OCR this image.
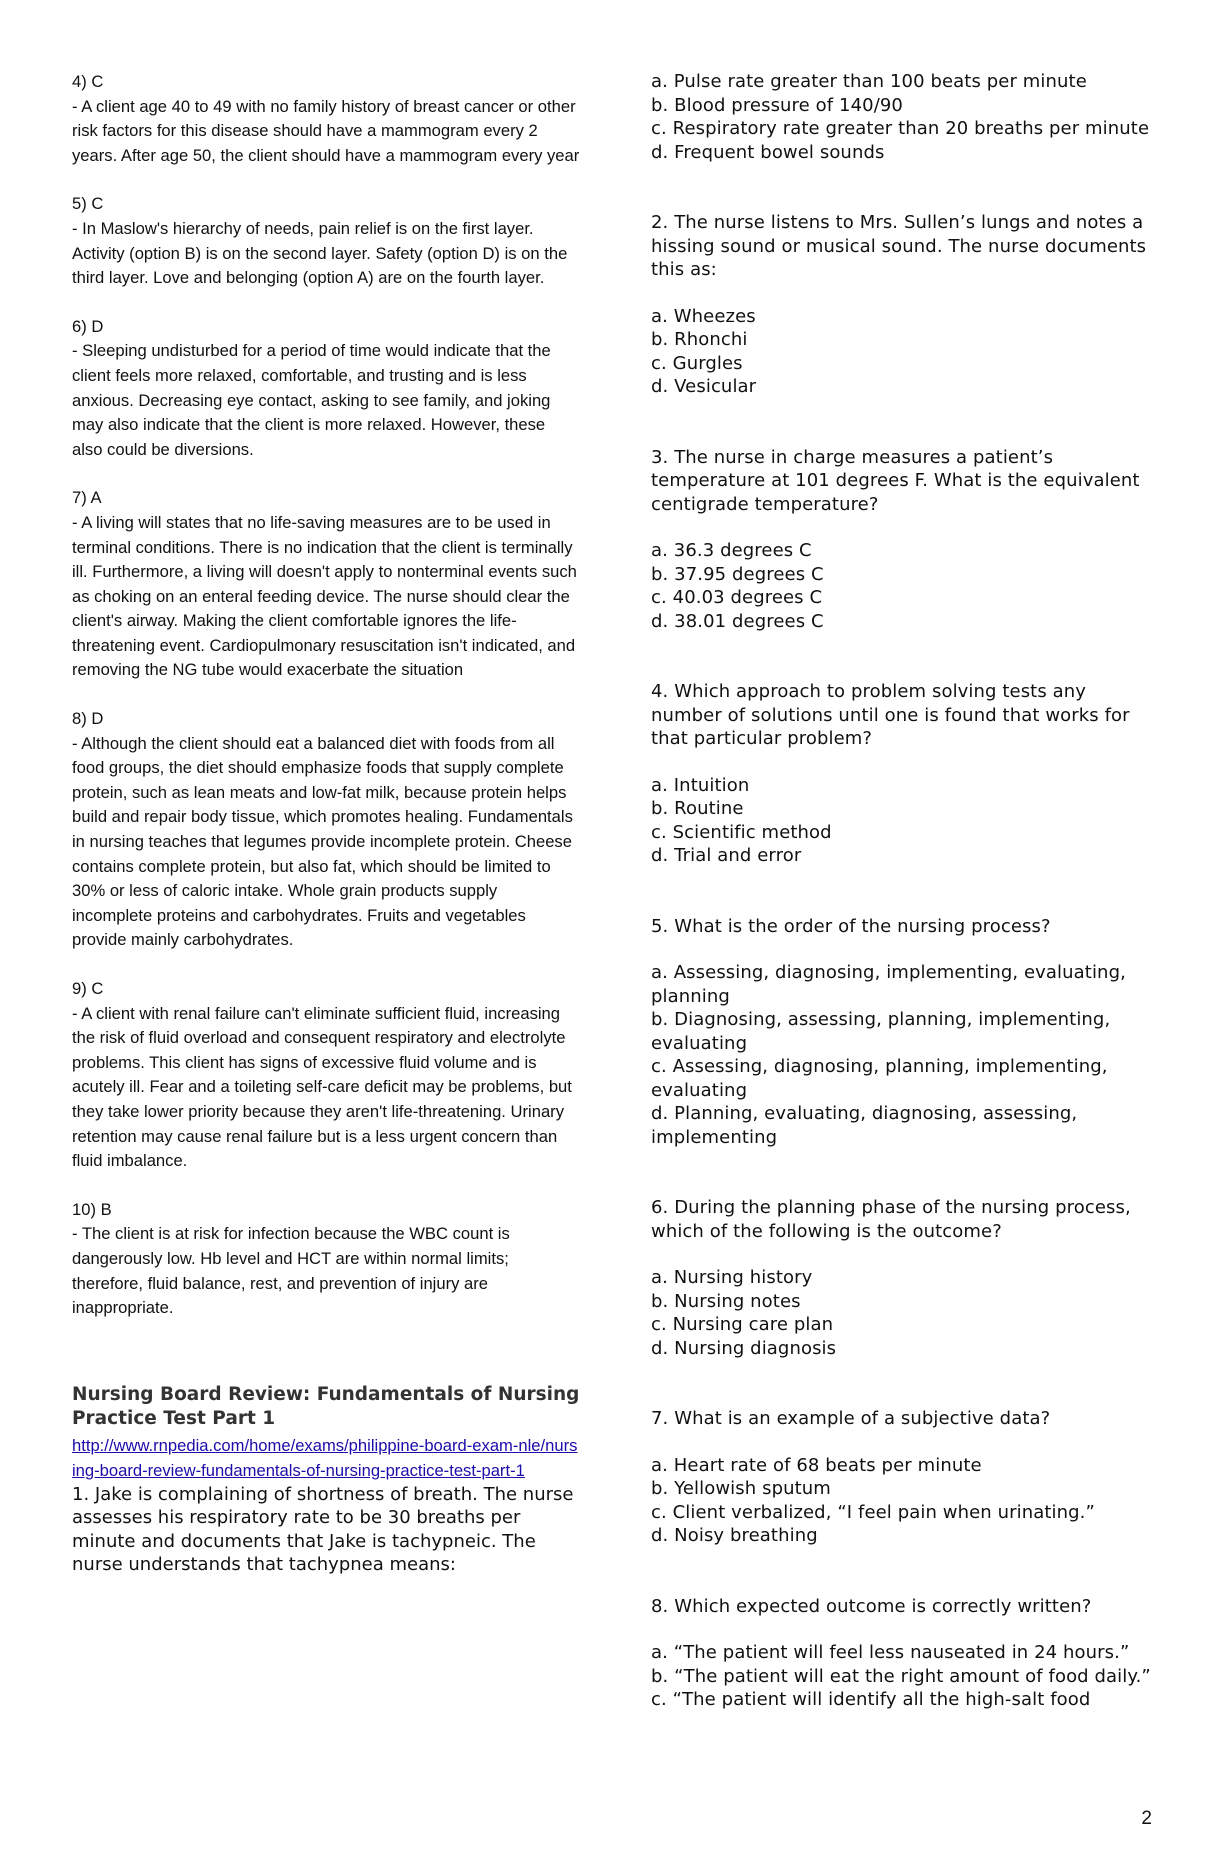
4) C

- A client age 40 to 49 with no family history of breast cancer or other risk factors for this disease should have a mammogram every 2 years. After age 50, the client should have a mammogram every year

5) C

- In Maslow's hierarchy of needs, pain relief is on the first layer. Activity (option B) is on the second layer. Safety (option D) is on the third layer. Love and belonging (option A) are on the fourth layer.

6) D

- Sleeping undisturbed for a period of time would indicate that the client feels more relaxed, comfortable, and trusting and is less anxious. Decreasing eye contact, asking to see family, and joking may also indicate that the client is more relaxed. However, these also could be diversions.

7) A

- A living will states that no life-saving measures are to be used in terminal conditions. There is no indication that the client is terminally ill. Furthermore, a living will doesn't apply to nonterminal events such as choking on an enteral feeding device. The nurse should clear the client's airway. Making the client comfortable ignores the life-threatening event. Cardiopulmonary resuscitation isn't indicated, and removing the NG tube would exacerbate the situation

8) D

- Although the client should eat a balanced diet with foods from all food groups, the diet should emphasize foods that supply complete protein, such as lean meats and low-fat milk, because protein helps build and repair body tissue, which promotes healing. Fundamentals in nursing teaches that legumes provide incomplete protein. Cheese contains complete protein, but also fat, which should be limited to 30% or less of caloric intake. Whole grain products supply incomplete proteins and carbohydrates. Fruits and vegetables provide mainly carbohydrates.

9) C

- A client with renal failure can't eliminate sufficient fluid, increasing the risk of fluid overload and consequent respiratory and electrolyte problems. This client has signs of excessive fluid volume and is acutely ill. Fear and a toileting self-care deficit may be problems, but they take lower priority because they aren't life-threatening. Urinary retention may cause renal failure but is a less urgent concern than fluid imbalance.

10) B

- The client is at risk for infection because the WBC count is dangerously low. Hb level and HCT are within normal limits; therefore, fluid balance, rest, and prevention of injury are inappropriate.

Nursing Board Review: Fundamentals of Nursing Practice Test Part 1
http://www.rnpedia.com/home/exams/philippine-board-exam-nle/nursing-board-review-fundamentals-of-nursing-practice-test-part-1

1. Jake is complaining of shortness of breath. The nurse assesses his respiratory rate to be 30 breaths per minute and documents that Jake is tachypneic. The nurse understands that tachypnea means:

a. Pulse rate greater than 100 beats per minute
b. Blood pressure of 140/90
c. Respiratory rate greater than 20 breaths per minute
d. Frequent bowel sounds

2. The nurse listens to Mrs. Sullen’s lungs and notes a hissing sound or musical sound. The nurse documents this as:

a. Wheezes
b. Rhonchi
c. Gurgles
d. Vesicular

3. The nurse in charge measures a patient’s temperature at 101 degrees F. What is the equivalent centigrade temperature?

a. 36.3 degrees C
b. 37.95 degrees C
c. 40.03 degrees C
d. 38.01 degrees C

4. Which approach to problem solving tests any number of solutions until one is found that works for that particular problem?

a. Intuition
b. Routine
c. Scientific method
d. Trial and error

5. What is the order of the nursing process?

a. Assessing, diagnosing, implementing, evaluating, planning
b. Diagnosing, assessing, planning, implementing, evaluating
c. Assessing, diagnosing, planning, implementing, evaluating
d. Planning, evaluating, diagnosing, assessing, implementing

6. During the planning phase of the nursing process, which of the following is the outcome?

a. Nursing history
b. Nursing notes
c. Nursing care plan
d. Nursing diagnosis

7. What is an example of a subjective data?

a. Heart rate of 68 beats per minute
b. Yellowish sputum
c. Client verbalized, “I feel pain when urinating.”
d. Noisy breathing

8. Which expected outcome is correctly written?

a. “The patient will feel less nauseated in 24 hours.”
b. “The patient will eat the right amount of food daily.”
c. “The patient will identify all the high-salt food
2
